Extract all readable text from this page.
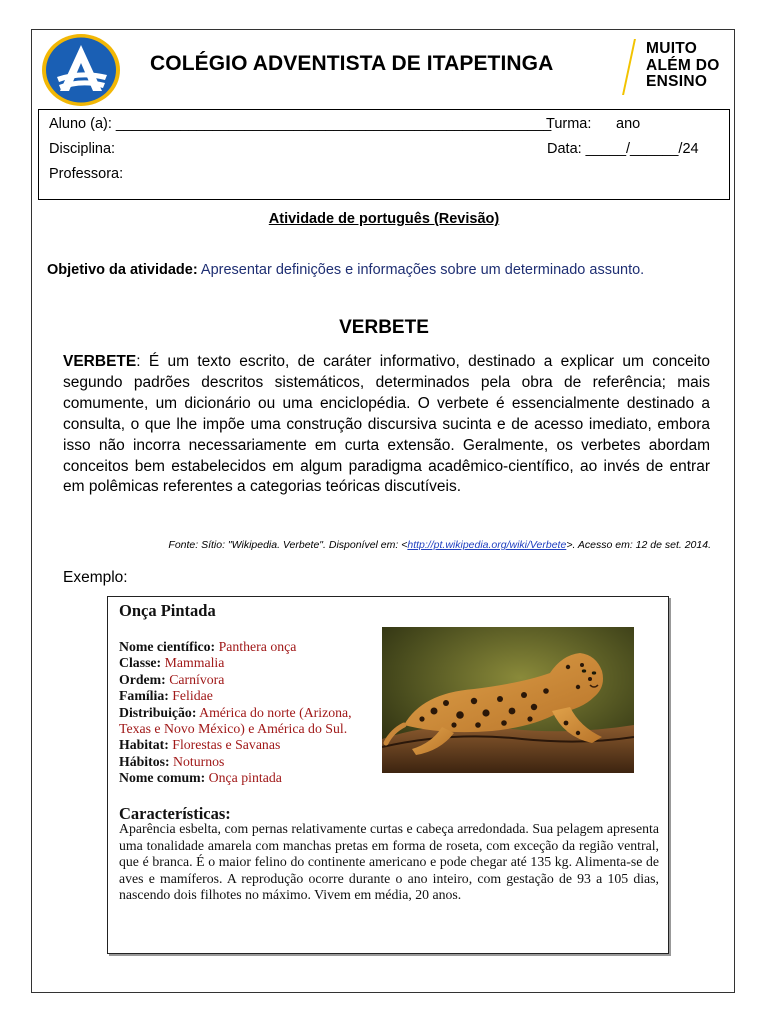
COLÉGIO ADVENTISTA DE ITAPETINGA
MUITO
ALÉM DO
ENSINO
Aluno (a): ______________________________________________________
Turma: ano
Disciplina:	Data: _____/______/24
Professora:
Atividade de português (Revisão)
Objetivo da atividade: Apresentar definições e informações sobre um determinado assunto.
VERBETE
VERBETE: É um texto escrito, de caráter informativo, destinado a explicar um conceito segundo padrões descritos sistemáticos, determinados pela obra de referência; mais comumente, um dicionário ou uma enciclopédia. O verbete é essencialmente destinado a consulta, o que lhe impõe uma construção discursiva sucinta e de acesso imediato, embora isso não incorra necessariamente em curta extensão. Geralmente, os verbetes abordam conceitos bem estabelecidos em algum paradigma acadêmico-científico, ao invés de entrar em polêmicas referentes a categorias teóricas discutíveis.
Fonte: Sítio: "Wikipedia. Verbete". Disponível em: <http://pt.wikipedia.org/wiki/Verbete>. Acesso em: 12 de set. 2014.
Exemplo:
Onça Pintada
Nome científico: Panthera onça
Classe: Mammalia
Ordem: Carnívora
Família: Felidae
Distribuição: América do norte (Arizona, Texas e Novo México) e América do Sul.
Habitat: Florestas e Savanas
Hábitos: Noturnos
Nome comum: Onça pintada
Características:
Aparência esbelta, com pernas relativamente curtas e cabeça arredondada. Sua pelagem apresenta uma tonalidade amarela com manchas pretas em forma de roseta, com exceção da região ventral, que é branca. É o maior felino do continente americano e pode chegar até 135 kg. Alimenta-se de aves e mamíferos. A reprodução ocorre durante o ano inteiro, com gestação de 93 a 105 dias, nascendo dois filhotes no máximo. Vivem em média, 20 anos.
